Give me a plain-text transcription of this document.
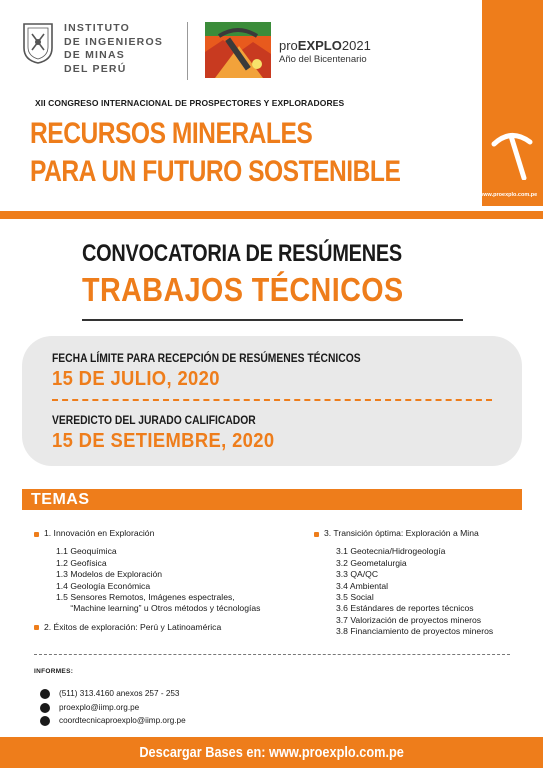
INSTITUTO
DE INGENIEROS
DE MINAS
DEL PERÚ
proEXPLO2021
Año del Bicentenario
www.proexplo.com.pe
XII CONGRESO INTERNACIONAL DE PROSPECTORES Y EXPLORADORES
RECURSOS MINERALES
PARA UN FUTURO SOSTENIBLE
CONVOCATORIA DE RESÚMENES
TRABAJOS TÉCNICOS
FECHA LÍMITE PARA RECEPCIÓN DE RESÚMENES TÉCNICOS
15 DE JULIO, 2020
VEREDICTO DEL JURADO CALIFICADOR
15 DE SETIEMBRE, 2020
TEMAS
1. Innovación en Exploración
1.1 Geoquímica
1.2 Geofísica
1.3 Modelos de Exploración
1.4 Geología Económica
1.5 Sensores Remotos, Imágenes espectrales,
“Machine learning” u Otros métodos y técnologías
2. Éxitos de exploración: Perú y Latinoamérica
3. Transición óptima: Exploración a Mina
3.1 Geotecnia/Hidrogeología
3.2 Geometalurgia
3.3 QA/QC
3.4 Ambiental
3.5 Social
3.6 Estándares de reportes técnicos
3.7 Valorización de proyectos mineros
3.8 Financiamiento de proyectos mineros
INFORMES:
(511) 313.4160 anexos 257 - 253
proexplo@iimp.org.pe
coordtecnicaproexplo@iimp.org.pe
Descargar Bases en: www.proexplo.com.pe
